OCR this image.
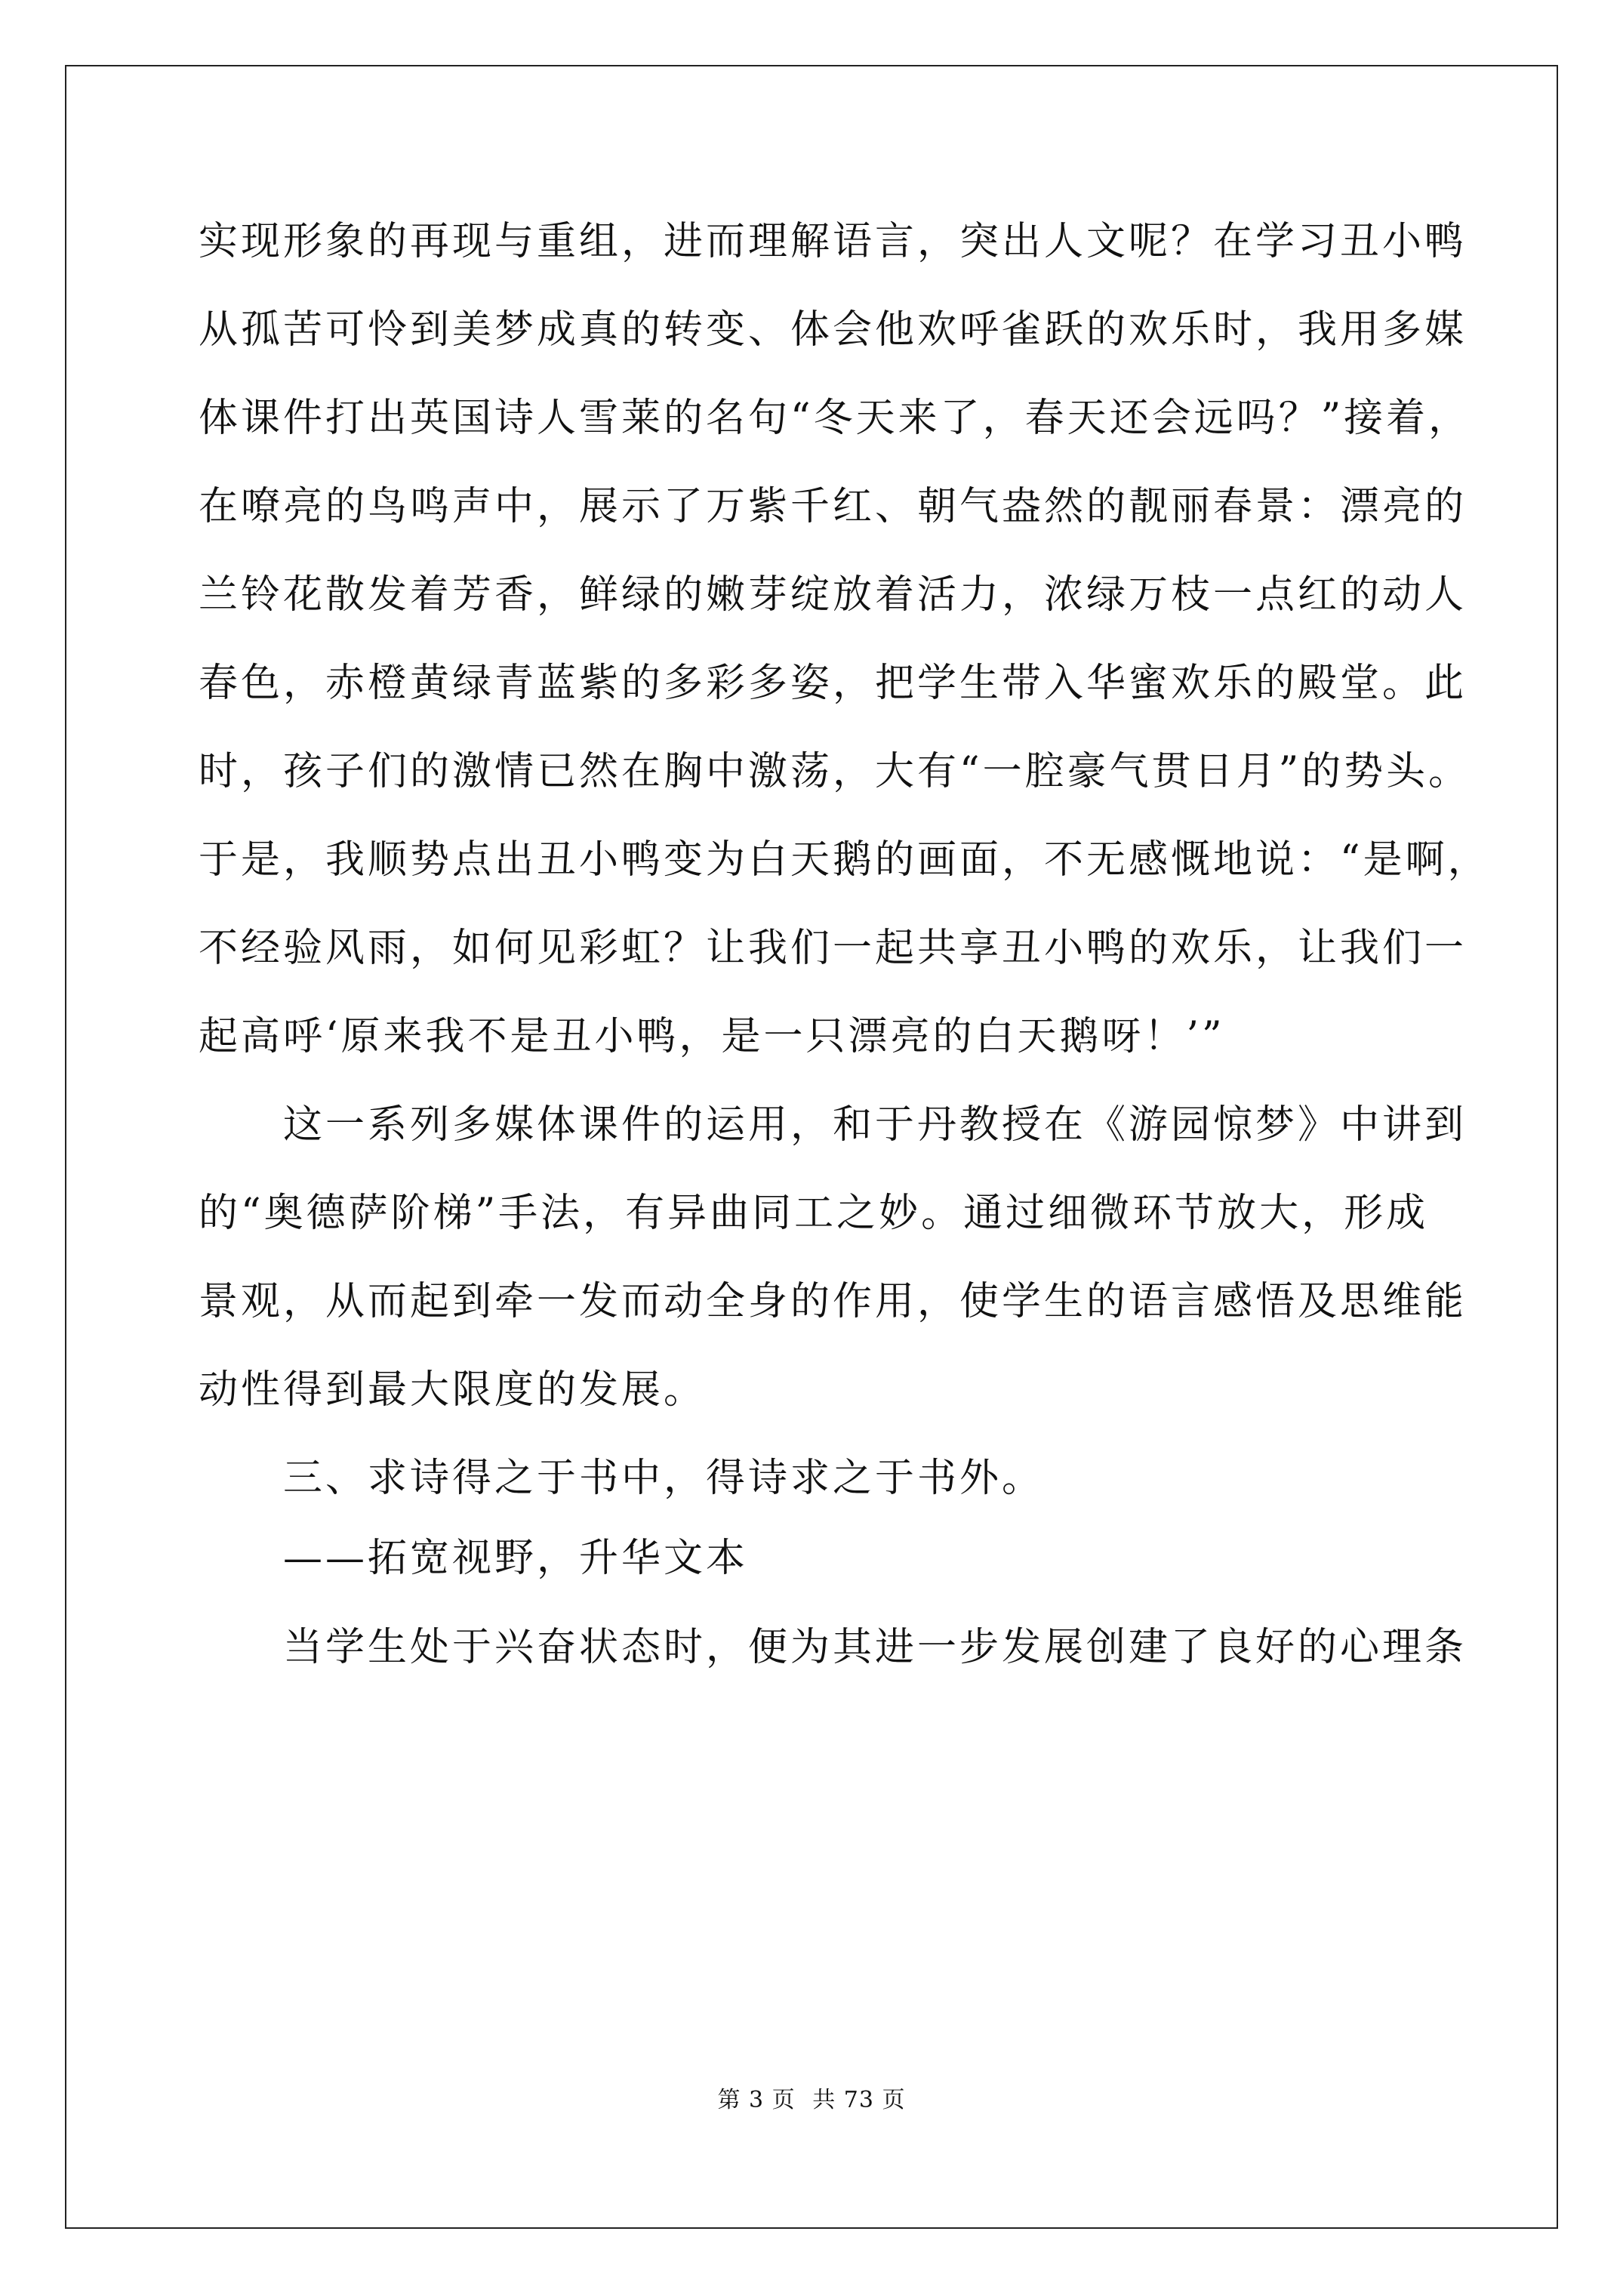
实现形象的再现与重组，进而理解语言，突出人文呢？在学习丑小鸭
从孤苦可怜到美梦成真的转变、体会他欢呼雀跃的欢乐时，我用多媒
体课件打出英国诗人雪莱的名句“冬天来了，春天还会远吗？”接着，
在嘹亮的鸟鸣声中，展示了万紫千红、朝气盎然的靓丽春景：漂亮的
兰铃花散发着芳香，鲜绿的嫩芽绽放着活力，浓绿万枝一点红的动人
春色，赤橙黄绿青蓝紫的多彩多姿，把学生带入华蜜欢乐的殿堂。此
时，孩子们的激情已然在胸中激荡，大有“一腔豪气贯日月”的势头。
于是，我顺势点出丑小鸭变为白天鹅的画面，不无感慨地说：“是啊，
不经验风雨，如何见彩虹？让我们一起共享丑小鸭的欢乐，让我们一
起高呼‘原来我不是丑小鸭，是一只漂亮的白天鹅呀！’”
　　这一系列多媒体课件的运用，和于丹教授在《游园惊梦》中讲到
的“奥德萨阶梯”手法，有异曲同工之妙。通过细微环节放大，形成
景观，从而起到牵一发而动全身的作用，使学生的语言感悟及思维能
动性得到最大限度的发展。
　　三、求诗得之于书中，得诗求之于书外。
　　——拓宽视野，升华文本
　　当学生处于兴奋状态时，便为其进一步发展创建了良好的心理条
第 3 页 共 73 页
